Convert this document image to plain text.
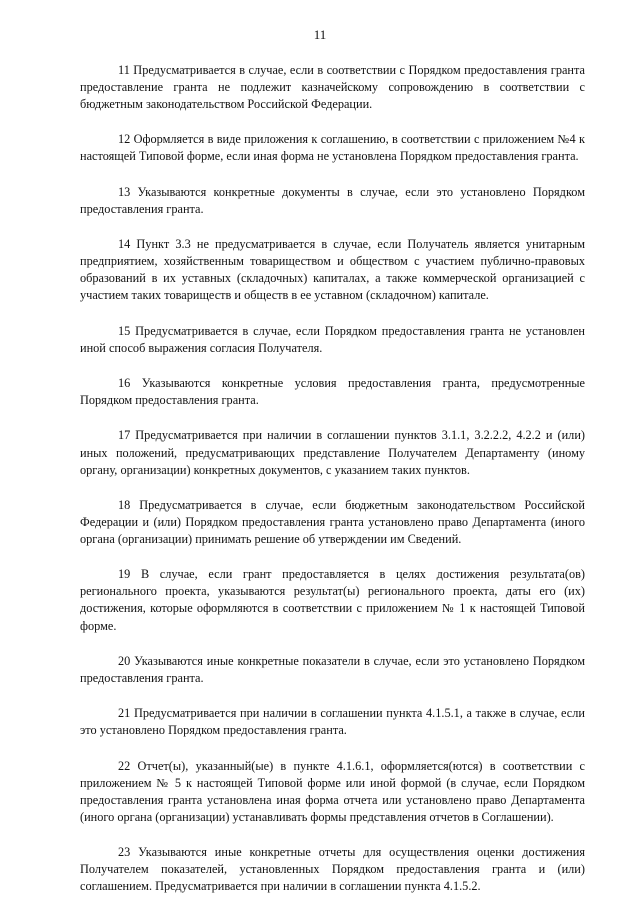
11

11 Предусматривается в случае, если в соответствии с Порядком предоставления гранта предоставление гранта не подлежит казначейскому сопровождению в соответствии с бюджетным законодательством Российской Федерации.

12 Оформляется в виде приложения к соглашению, в соответствии с приложением №4 к настоящей Типовой форме, если иная форма не установлена Порядком предоставления гранта.

13 Указываются конкретные документы в случае, если это установлено Порядком предоставления гранта.

14 Пункт 3.3 не предусматривается в случае, если Получатель является унитарным предприятием, хозяйственным товариществом и обществом с участием публично-правовых образований в их уставных (складочных) капиталах, а также коммерческой организацией с участием таких товариществ и обществ в ее уставном (складочном) капитале.

15 Предусматривается в случае, если Порядком предоставления гранта не установлен иной способ выражения согласия Получателя.

16 Указываются конкретные условия предоставления гранта, предусмотренные Порядком предоставления гранта.

17 Предусматривается при наличии в соглашении пунктов 3.1.1, 3.2.2.2, 4.2.2 и (или) иных положений, предусматривающих представление Получателем Департаменту (иному органу, организации) конкретных документов, с указанием таких пунктов.

18 Предусматривается в случае, если бюджетным законодательством Российской Федерации и (или) Порядком предоставления гранта установлено право Департамента (иного органа (организации) принимать решение об утверждении им Сведений.

19 В случае, если грант предоставляется в целях достижения результата(ов) регионального проекта, указываются результат(ы) регионального проекта, даты его (их) достижения, которые оформляются в соответствии с приложением № 1 к настоящей Типовой форме.

20 Указываются иные конкретные показатели в случае, если это установлено Порядком предоставления гранта.

21 Предусматривается при наличии в соглашении пункта 4.1.5.1, а также в случае, если это установлено Порядком предоставления гранта.

22 Отчет(ы), указанный(ые) в пункте 4.1.6.1, оформляется(ются) в соответствии с приложением № 5 к настоящей Типовой форме или иной формой (в случае, если Порядком предоставления гранта установлена иная форма отчета или установлено право Департамента (иного органа (организации) устанавливать формы представления отчетов в Соглашении).

23 Указываются иные конкретные отчеты для осуществления оценки достижения Получателем показателей, установленных Порядком предоставления гранта и (или) соглашением. Предусматривается при наличии в соглашении пункта 4.1.5.2.
